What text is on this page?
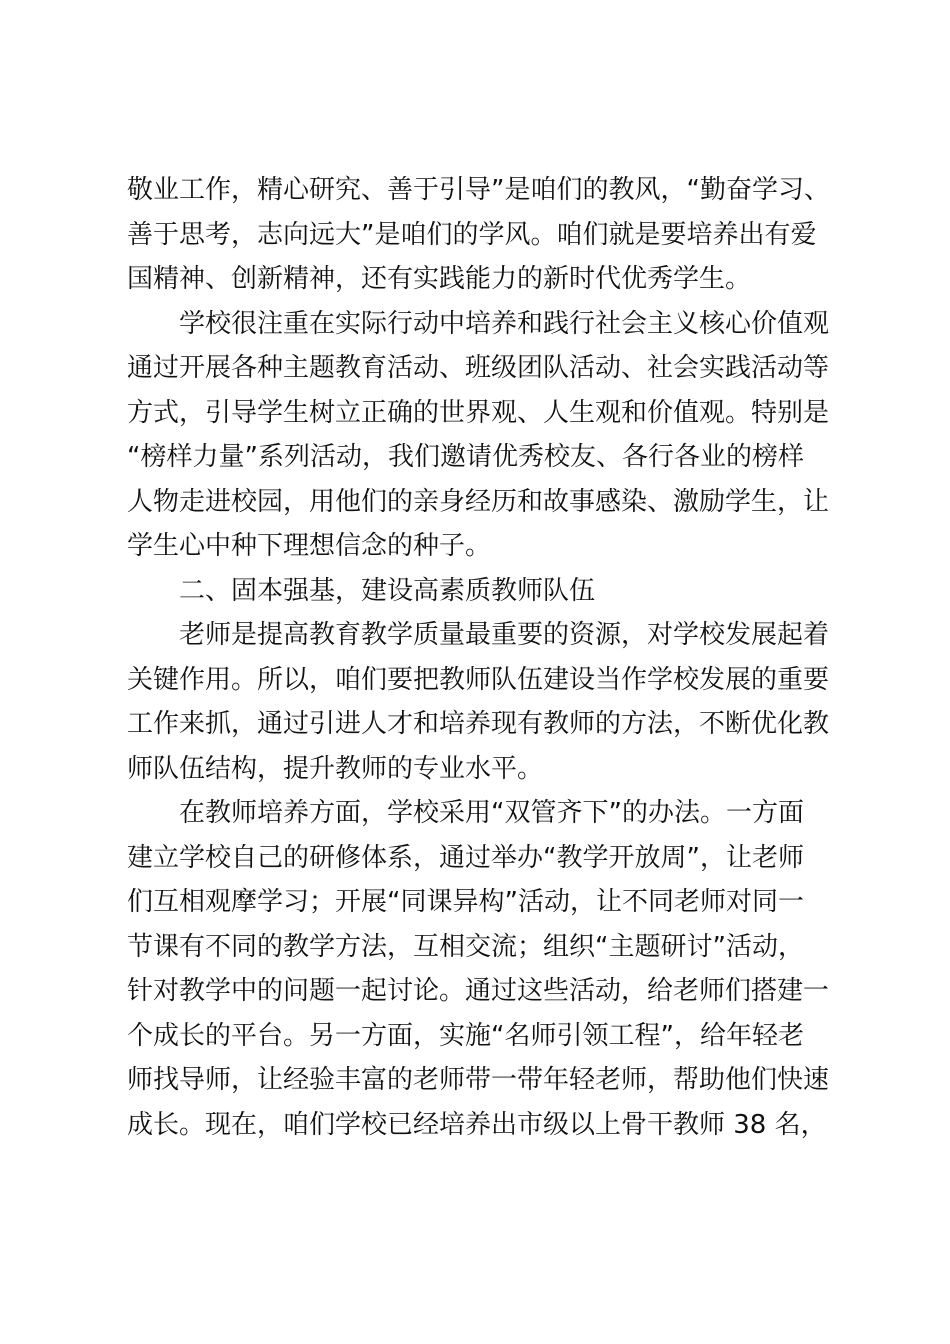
敬业工作，精心研究、善于引导”是咱们的教风，“勤奋学习、
善于思考，志向远大”是咱们的学风。咱们就是要培养出有爱
国精神、创新精神，还有实践能力的新时代优秀学生。
学校很注重在实际行动中培养和践行社会主义核心价值观
通过开展各种主题教育活动、班级团队活动、社会实践活动等
方式，引导学生树立正确的世界观、人生观和价值观。特别是
“榜样力量”系列活动，我们邀请优秀校友、各行各业的榜样
人物走进校园，用他们的亲身经历和故事感染、激励学生，让
学生心中种下理想信念的种子。
二、固本强基，建设高素质教师队伍
老师是提高教育教学质量最重要的资源，对学校发展起着
关键作用。所以，咱们要把教师队伍建设当作学校发展的重要
工作来抓，通过引进人才和培养现有教师的方法，不断优化教
师队伍结构，提升教师的专业水平。
在教师培养方面，学校采用“双管齐下”的办法。一方面
建立学校自己的研修体系，通过举办“教学开放周”，让老师
们互相观摩学习；开展“同课异构”活动，让不同老师对同一
节课有不同的教学方法，互相交流；组织“主题研讨”活动，
针对教学中的问题一起讨论。通过这些活动，给老师们搭建一
个成长的平台。另一方面，实施“名师引领工程”，给年轻老
师找导师，让经验丰富的老师带一带年轻老师，帮助他们快速
成长。现在，咱们学校已经培养出市级以上骨干教师 38 名，
